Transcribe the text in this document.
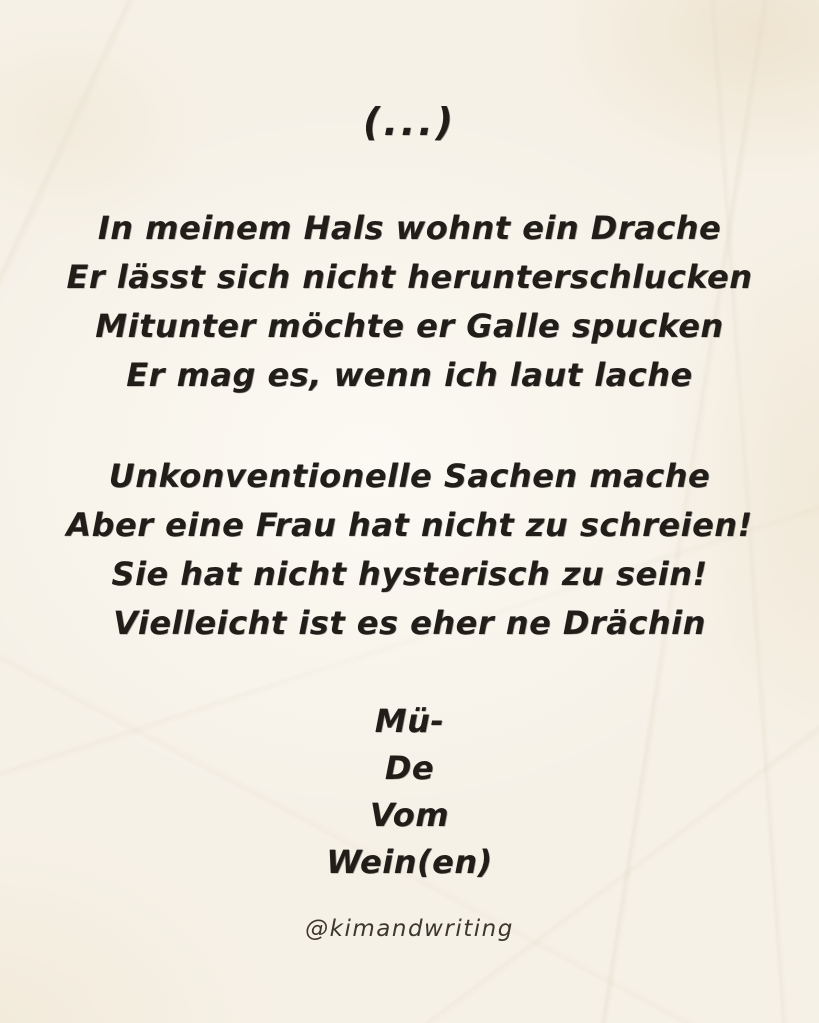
(...)
In meinem Hals wohnt ein Drache
Er lässt sich nicht herunterschlucken
Mitunter möchte er Galle spucken
Er mag es, wenn ich laut lache
Unkonventionelle Sachen mache
Aber eine Frau hat nicht zu schreien!
Sie hat nicht hysterisch zu sein!
Vielleicht ist es eher ne Drächin
Mü-
De
Vom
Wein(en)
@kimandwriting
